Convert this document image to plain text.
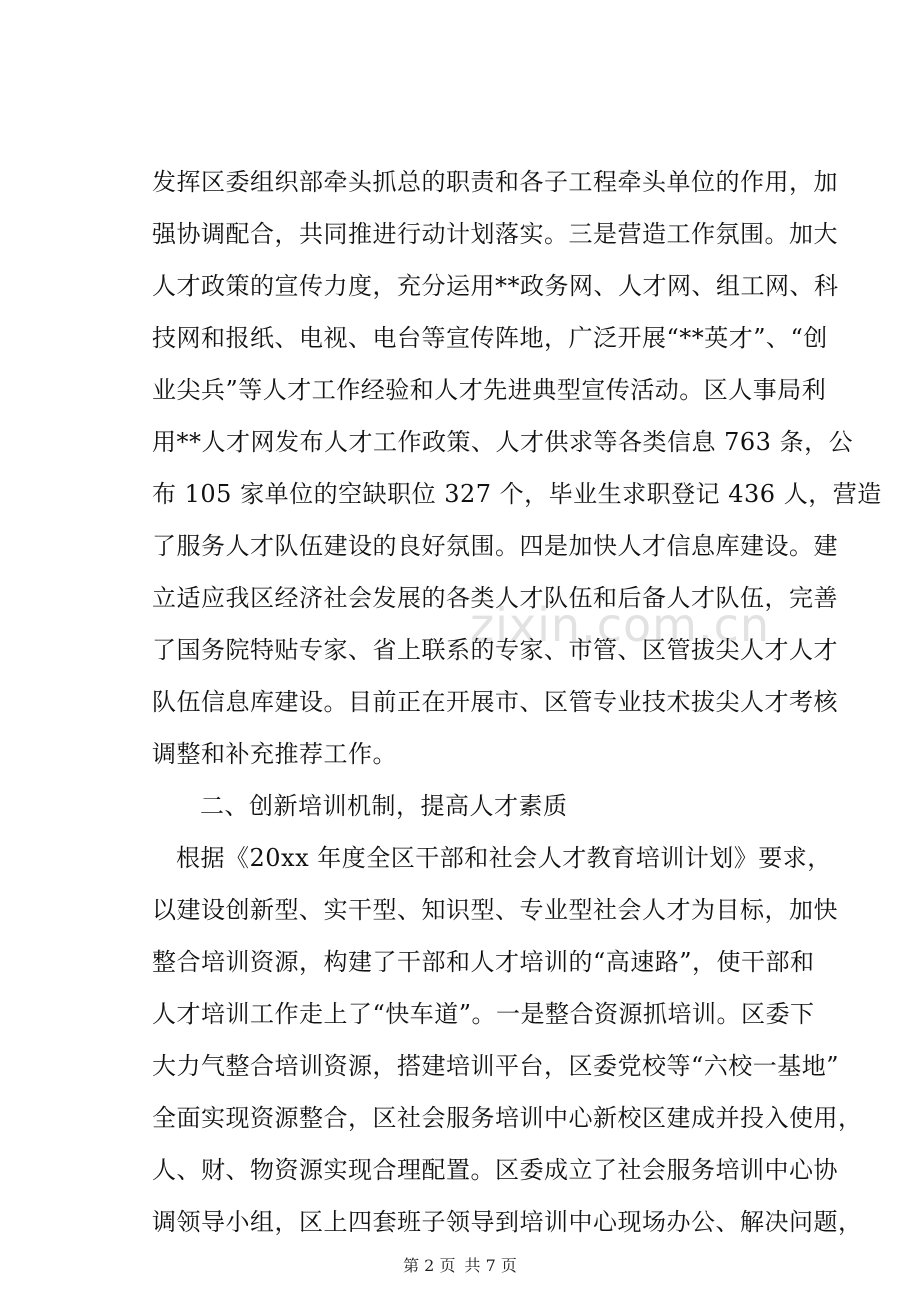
zixin.com.cn
发挥区委组织部牵头抓总的职责和各子工程牵头单位的作用，加
强协调配合，共同推进行动计划落实。三是营造工作氛围。加大
人才政策的宣传力度，充分运用**政务网、人才网、组工网、科
技网和报纸、电视、电台等宣传阵地，广泛开展“**英才”、“创
业尖兵”等人才工作经验和人才先进典型宣传活动。区人事局利
用**人才网发布人才工作政策、人才供求等各类信息 763 条，公
布 105 家单位的空缺职位 327 个，毕业生求职登记 436 人，营造
了服务人才队伍建设的良好氛围。四是加快人才信息库建设。建
立适应我区经济社会发展的各类人才队伍和后备人才队伍，完善
了国务院特贴专家、省上联系的专家、市管、区管拔尖人才人才
队伍信息库建设。目前正在开展市、区管专业技术拔尖人才考核
调整和补充推荐工作。
二、创新培训机制，提高人才素质
根据《20xx 年度全区干部和社会人才教育培训计划》要求，
以建设创新型、实干型、知识型、专业型社会人才为目标，加快
整合培训资源，构建了干部和人才培训的“高速路”，使干部和
人才培训工作走上了“快车道”。一是整合资源抓培训。区委下
大力气整合培训资源，搭建培训平台，区委党校等“六校一基地”
全面实现资源整合，区社会服务培训中心新校区建成并投入使用，
人、财、物资源实现合理配置。区委成立了社会服务培训中心协
调领导小组，区上四套班子领导到培训中心现场办公、解决问题，
第 2 页 共 7 页
